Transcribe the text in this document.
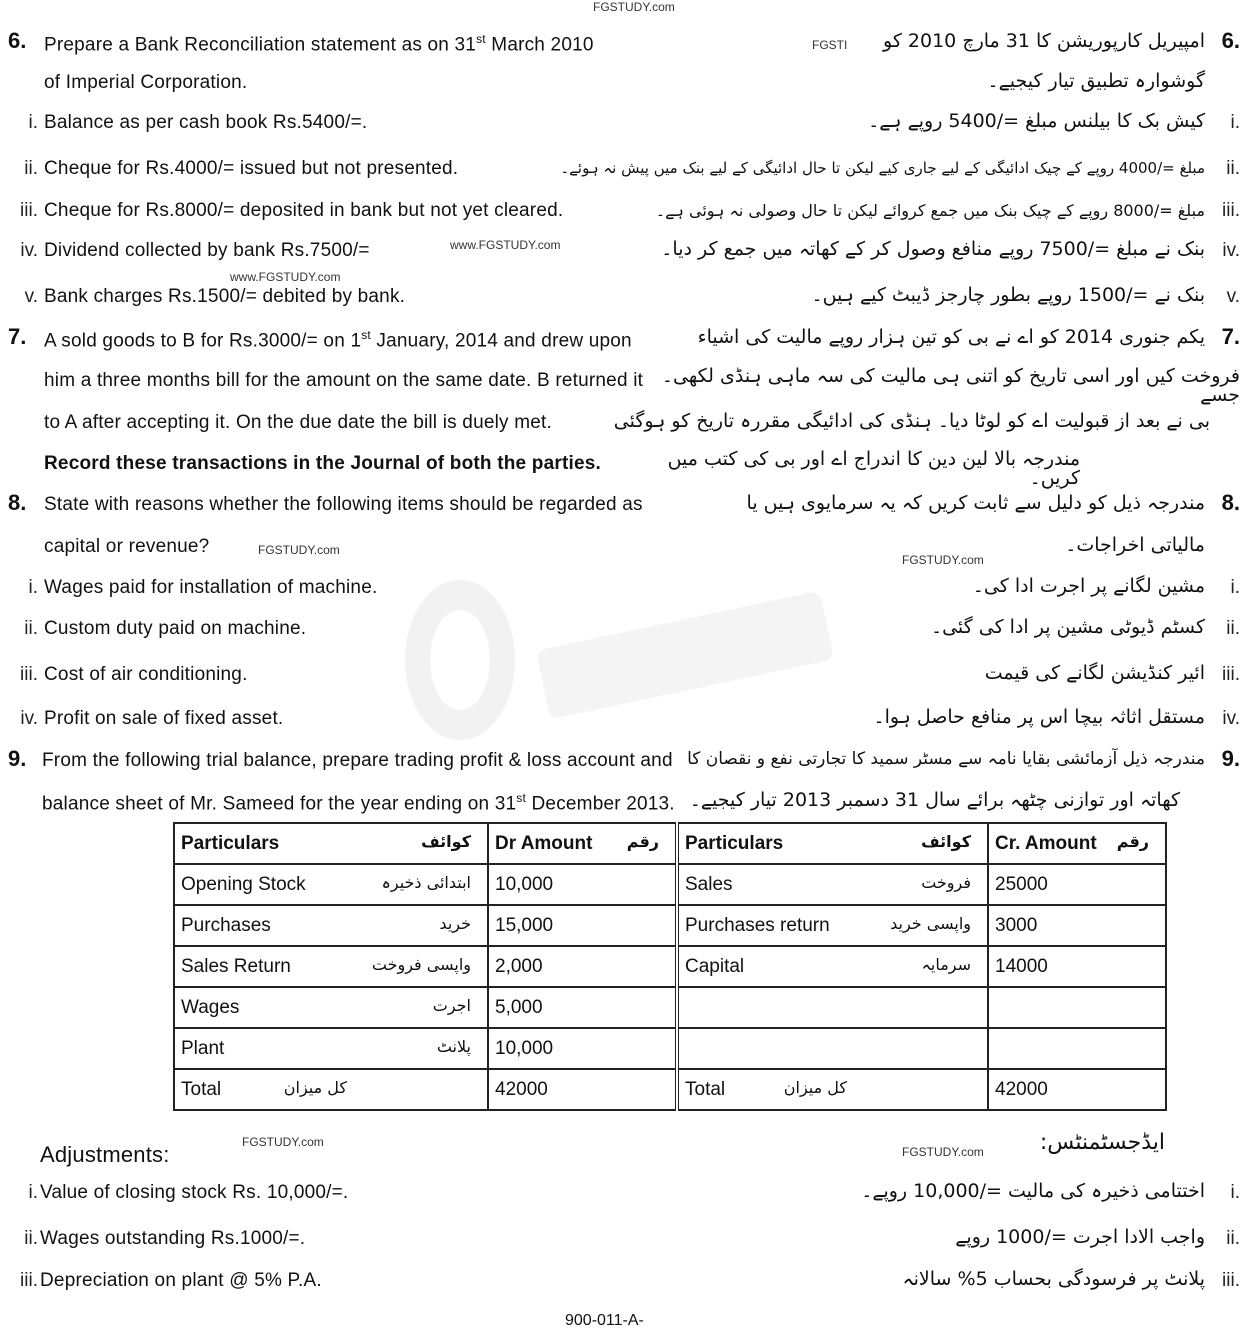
FGSTUDY.com
FGSTI
www.FGSTUDY.com
www.FGSTUDY.com
FGSTUDY.com
FGSTUDY.com
FGSTUDY.com
FGSTUDY.com
6. Prepare a Bank Reconciliation statement as on 31st March 2010	امپیریل کارپوریشن کا 31 مارچ 2010 کو 6.
of Imperial Corporation.	گوشوارہ تطبیق تیار کیجیے۔
i. Balance as per cash book Rs.5400/=.	کیش بک کا بیلنس مبلغ =/5400 روپے ہے۔ i.
ii. Cheque for Rs.4000/= issued but not presented.	مبلغ =/4000 روپے کے چیک ادائیگی کے لیے جاری کیے لیکن تا حال ادائیگی کے لیے بنک میں پیش نہ ہوئے۔ ii.
iii. Cheque for Rs.8000/= deposited in bank but not yet cleared.	مبلغ =/8000 روپے کے چیک بنک میں جمع کروائے لیکن تا حال وصولی نہ ہوئی ہے۔ iii.
iv. Dividend collected by bank Rs.7500/=	بنک نے مبلغ =/7500 روپے منافع وصول کر کے کھاتہ میں جمع کر دیا۔ iv.
v. Bank charges Rs.1500/= debited by bank.	بنک نے =/1500 روپے بطور چارجز ڈیبٹ کیے ہیں۔ v.
7. A sold goods to B for Rs.3000/= on 1st January, 2014 and drew upon	یکم جنوری 2014 کو اے نے بی کو تین ہزار روپے مالیت کی اشیاء 7.
him a three months bill for the amount on the same date. B returned it فروخت کیں اور اسی تاریخ کو اتنی ہی مالیت کی سہ ماہی ہنڈی لکھی۔ جسے
to A after accepting it. On the due date the bill is duely met.	بی نے بعد از قبولیت اے کو لوٹا دیا۔ ہنڈی کی ادائیگی مقررہ تاریخ کو ہوگئی
Record these transactions in the Journal of both the parties.	مندرجہ بالا لین دین کا اندراج اے اور بی کی کتب میں کریں۔
8. State with reasons whether the following items should be regarded as	مندرجہ ذیل کو دلیل سے ثابت کریں کہ یہ سرمایوی ہیں یا 8.
capital or revenue?	مالیاتی اخراجات۔
i. Wages paid for installation of machine.	مشین لگانے پر اجرت ادا کی۔ i.
ii. Custom duty paid on machine.	کسٹم ڈیوٹی مشین پر ادا کی گئی۔ ii.
iii. Cost of air conditioning.	ائیر کنڈیشن لگانے کی قیمت iii.
iv. Profit on sale of fixed asset.	مستقل اثاثہ بیچا اس پر منافع حاصل ہوا۔ iv.
9. From the following trial balance, prepare trading profit & loss account and مندرجہ ذیل آزمائشی بقایا نامہ سے مسٹر سمید کا تجارتی نفع و نقصان کا 9.
balance sheet of Mr. Sameed for the year ending on 31st December 2013. کھاتہ اور توازنی چٹھہ برائے سال 31 دسمبر 2013 تیار کیجیے۔
Particulars کوائف	Dr Amount رقم	Particulars کوائف	Cr. Amount رقم

Opening Stock ابتدائی ذخیرہ	10,000	Sales فروخت	25000
Purchases خرید	15,000	Purchases return واپسی خرید	3000
Sales Return واپسی فروخت	2,000	Capital سرمایہ	14000
Wages اجرت	5,000	

Plant پلانٹ	10,000	

Total کل میزان	42000	Total کل میزان	42000
Adjustments:	ایڈجسٹمنٹس:
i. Value of closing stock Rs. 10,000/=.	اختتامی ذخیرہ کی مالیت =/10,000 روپے۔ i.
ii. Wages outstanding Rs.1000/=.	واجب الادا اجرت =/1000 روپے ii.
iii. Depreciation on plant @ 5% P.A.	پلانٹ پر فرسودگی بحساب 5% سالانہ iii.
900-011-A-
